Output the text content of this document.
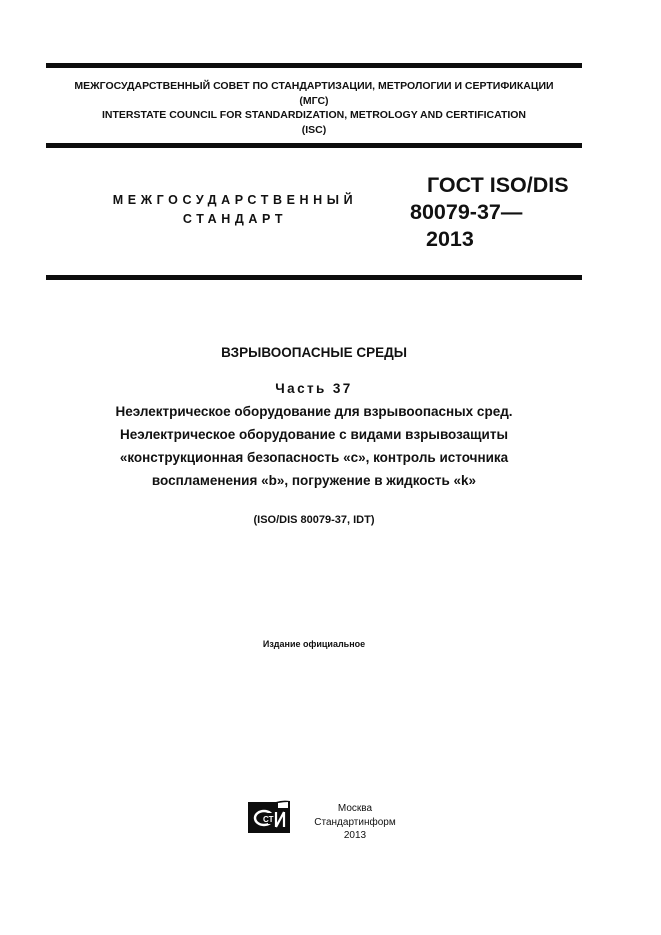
МЕЖГОСУДАРСТВЕННЫЙ СОВЕТ ПО СТАНДАРТИЗАЦИИ, МЕТРОЛОГИИ И СЕРТИФИКАЦИИ
(МГС)
INTERSTATE COUNCIL FOR STANDARDIZATION, METROLOGY AND CERTIFICATION
(ISC)
МЕЖГОСУДАРСТВЕННЫЙ
СТАНДАРТ
ГОСТ ISO/DIS
80079-37—
2013
ВЗРЫВООПАСНЫЕ СРЕДЫ
Часть 37
Неэлектрическое оборудование для взрывоопасных сред.
Неэлектрическое оборудование с видами взрывозащиты
«конструкционная безопасность «c», контроль источника
воспламенения «b», погружение в жидкость «k»
(ISO/DIS 80079-37, IDT)
Издание официальное
СТ
Москва
Стандартинформ
2013
